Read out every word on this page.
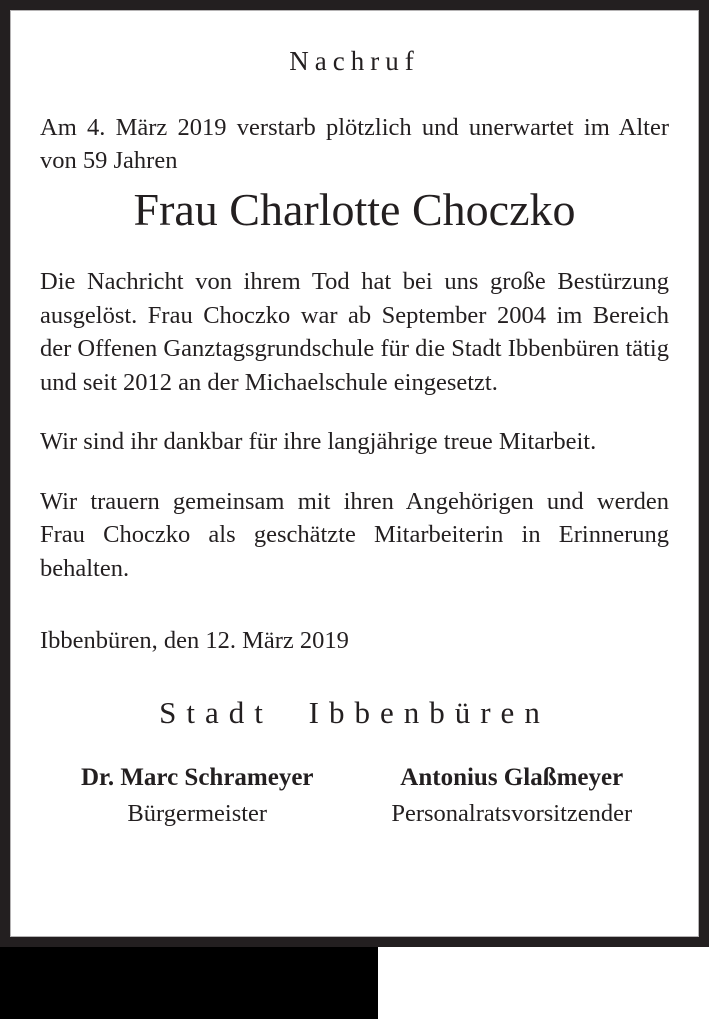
Nachruf
Am 4. März 2019 verstarb plötzlich und unerwartet im Alter von 59 Jahren
Frau Charlotte Choczko
Die Nachricht von ihrem Tod hat bei uns große Bestürzung ausgelöst. Frau Choczko war ab September 2004 im Bereich der Offenen Ganztagsgrundschule für die Stadt Ibbenbüren tätig und seit 2012 an der Michaelschule eingesetzt.
Wir sind ihr dankbar für ihre langjährige treue Mitarbeit.
Wir trauern gemeinsam mit ihren Angehörigen und werden Frau Choczko als geschätzte Mitarbeiterin in Erinnerung behalten.
Ibbenbüren, den 12. März 2019
Stadt Ibbenbüren
Dr. Marc Schrameyer
Bürgermeister
Antonius Glaßmeyer
Personalratsvorsitzender
